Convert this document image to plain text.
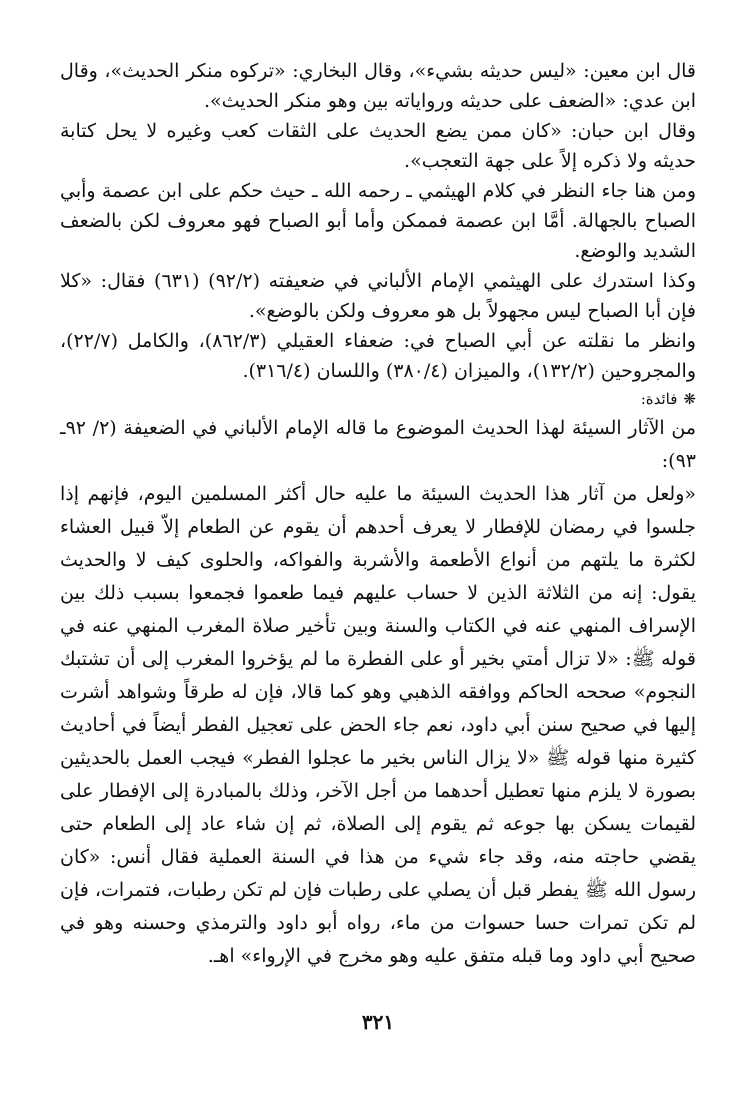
قال ابن معين: «ليس حديثه بشيء»، وقال البخاري: «تركوه منكر الحديث»، وقال ابن عدي: «الضعف على حديثه ورواياته بين وهو منكر الحديث».

وقال ابن حبان: «كان ممن يضع الحديث على الثقات كعب وغيره لا يحل كتابة حديثه ولا ذكره إلاً على جهة التعجب».

ومن هنا جاء النظر في كلام الهيثمي ـ رحمه الله ـ حيث حكم على ابن عصمة وأبي الصباح بالجهالة. أمَّا ابن عصمة فممكن وأما أبو الصباح فهو معروف لكن بالضعف الشديد والوضع.

وكذا استدرك على الهيثمي الإمام الألباني في ضعيفته (٩٢/٢) (٦٣١) فقال: «كلا فإن أبا الصباح ليس مجهولاً بل هو معروف ولكن بالوضع».

وانظر ما نقلته عن أبي الصباح في: ضعفاء العقيلي (٨٦٢/٣)، والكامل (٢٢/٧)، والمجروحين (١٣٢/٢)، والميزان (٣٨٠/٤) واللسان (٣١٦/٤).

❋فائدة:

من الآثار السيئة لهذا الحديث الموضوع ما قاله الإمام الألباني في الضعيفة (٢/ ٩٢ـ ٩٣):

«ولعل من آثار هذا الحديث السيئة ما عليه حال أكثر المسلمين اليوم، فإنهم إذا جلسوا في رمضان للإفطار لا يعرف أحدهم أن يقوم عن الطعام إلاّ قبيل العشاء لكثرة ما يلتهم من أنواع الأطعمة والأشربة والفواكه، والحلوى كيف لا والحديث يقول: إنه من الثلاثة الذين لا حساب عليهم فيما طعموا فجمعوا بسبب ذلك بين الإسراف المنهي عنه في الكتاب والسنة وبين تأخير صلاة المغرب المنهي عنه في قوله ﷺ: «لا تزال أمتي بخير أو على الفطرة ما لم يؤخروا المغرب إلى أن تشتبك النجوم» صححه الحاكم ووافقه الذهبي وهو كما قالا، فإن له طرقاً وشواهد أشرت إليها في صحيح سنن أبي داود، نعم جاء الحض على تعجيل الفطر أيضاً في أحاديث كثيرة منها قوله ﷺ «لا يزال الناس بخير ما عجلوا الفطر» فيجب العمل بالحديثين بصورة لا يلزم منها تعطيل أحدهما من أجل الآخر، وذلك بالمبادرة إلى الإفطار على لقيمات يسكن بها جوعه ثم يقوم إلى الصلاة، ثم إن شاء عاد إلى الطعام حتى يقضي حاجته منه، وقد جاء شيء من هذا في السنة العملية فقال أنس: «كان رسول الله ﷺ يفطر قبل أن يصلي على رطبات فإن لم تكن رطبات، فتمرات، فإن لم تكن تمرات حسا حسوات من ماء، رواه أبو داود والترمذي وحسنه وهو في صحيح أبي داود وما قبله متفق عليه وهو مخرج في الإرواء» اهـ.

٣٢١
